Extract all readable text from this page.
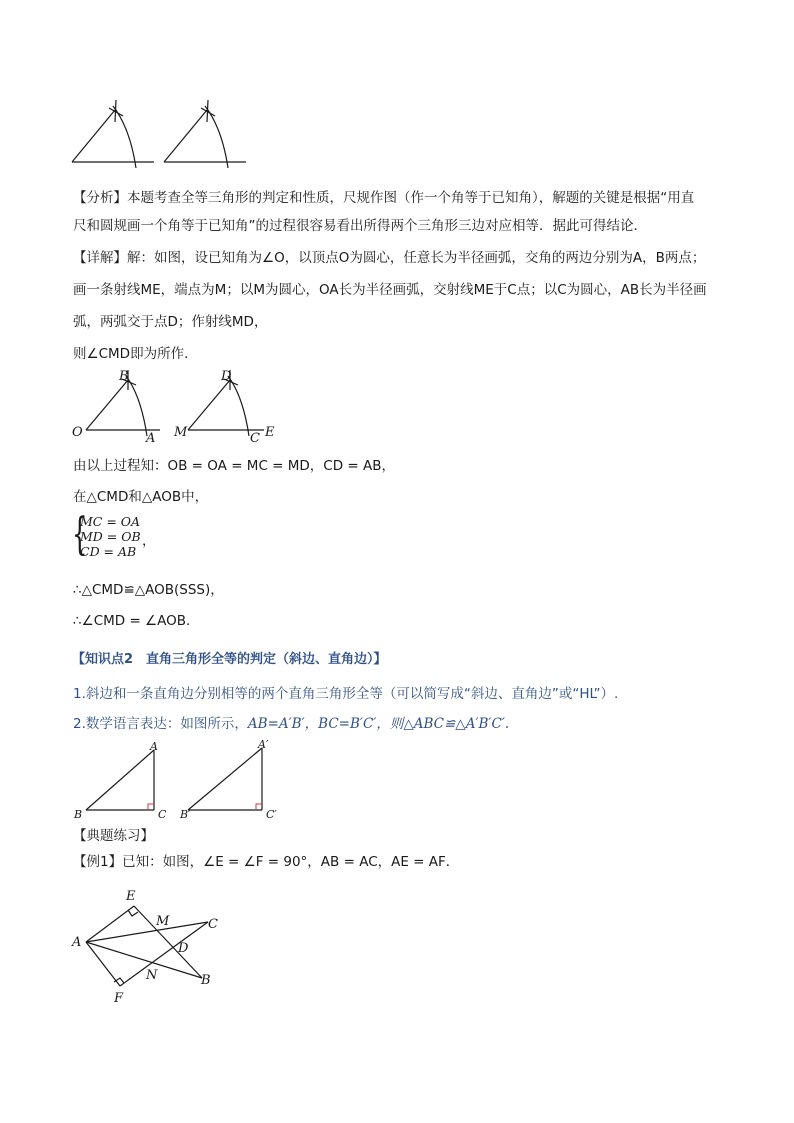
【分析】本题考查全等三角形的判定和性质，尺规作图（作一个角等于已知角），解题的关键是根据“用直
尺和圆规画一个角等于已知角”的过程很容易看出所得两个三角形三边对应相等．据此可得结论．
【详解】解：如图，设已知角为∠O，以顶点O为圆心，任意长为半径画弧，交角的两边分别为A，B两点；
画一条射线ME，端点为M；以M为圆心，OA长为半径画弧，交射线ME于C点；以C为圆心，AB长为半径画
弧，两弧交于点D；作射线MD，
则∠CMD即为所作．
O	A
B
M	C
D
E
由以上过程知：OB = OA = MC = MD，CD = AB，
在△CMD和△AOB中，
{
MC = OA
MD = OB
CD = AB
，
∴△CMD≌△AOB(SSS)，
∴∠CMD = ∠AOB．
【知识点2　直角三角形全等的判定（斜边、直角边）】
1.斜边和一条直角边分别相等的两个直角三角形全等（可以简写成“斜边、直角边”或“HL”）.
2.数学语言表达：如图所示，AB=A′B′，BC=B′C′，则△ABC≌△A′B′C′.
A
B	C
A′
B′	C′
【典题练习】
【例1】已知：如图，∠E = ∠F = 90°，AB = AC，AE = AF．
E
M	C
A	D
N	B
F
